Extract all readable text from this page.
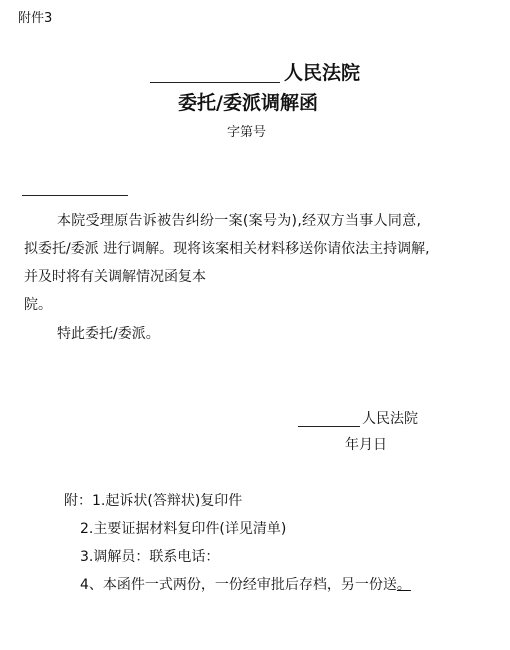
附件3
人民法院
委托/委派调解函
字第号
本院受理原告诉被告纠纷一案(案号为),经双方当事人同意,
拟委托/委派 进行调解。现将该案相关材料移送你请依法主持调解,
并及时将有关调解情况函复本
院。
特此委托/委派。
人民法院
年月日
附：1.起诉状(答辩状)复印件
2.主要证据材料复印件(详见清单)
3.调解员：联系电话：
4、本函件一式两份，一份经审批后存档，另一份送。
